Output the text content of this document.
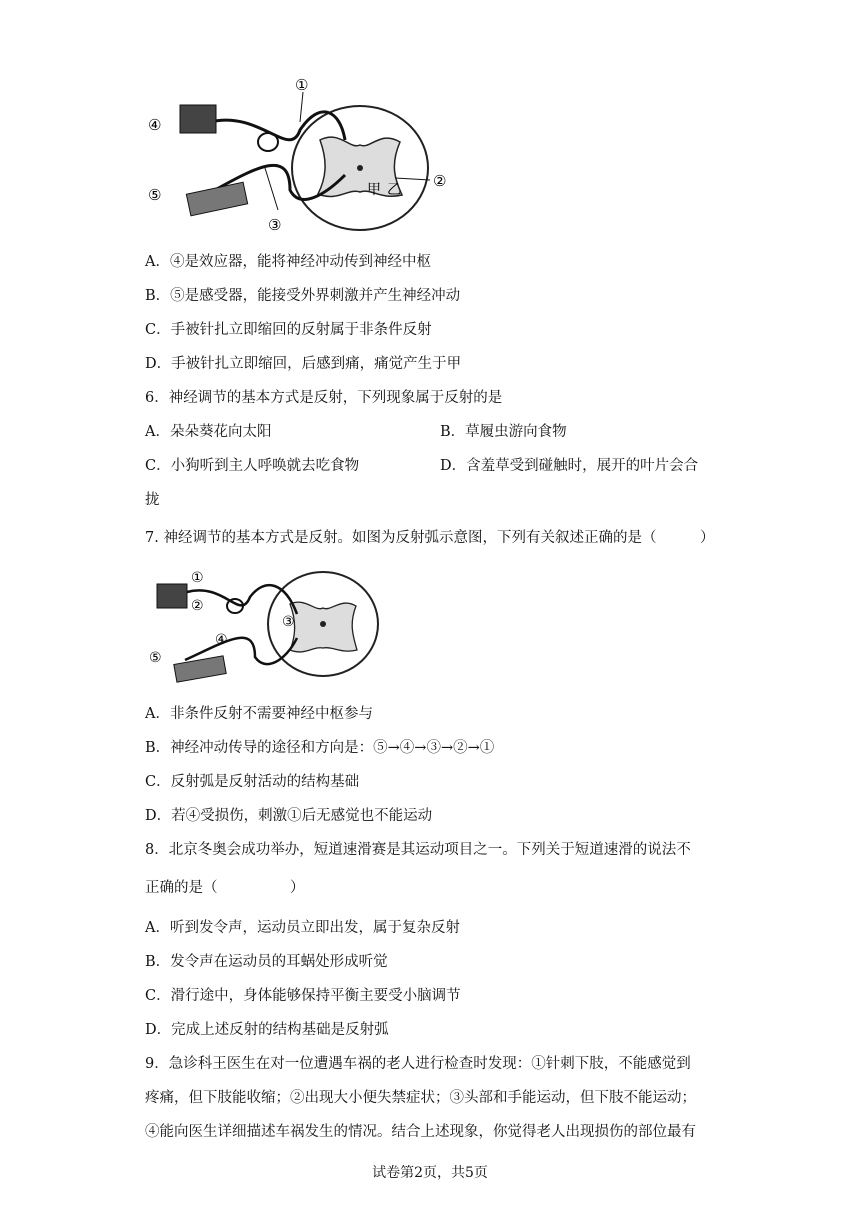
①
②
③
④
⑤	甲 乙
A．④是效应器，能将神经冲动传到神经中枢
B．⑤是感受器，能接受外界刺激并产生神经冲动
C．手被针扎立即缩回的反射属于非条件反射
D．手被针扎立即缩回，后感到痛，痛觉产生于甲
6．神经调节的基本方式是反射，下列现象属于反射的是
A．朵朵葵花向太阳	B．草履虫游向食物
C．小狗听到主人呼唤就去吃食物	D．含羞草受到碰触时，展开的叶片会合
拢
7. 神经调节的基本方式是反射。如图为反射弧示意图，下列有关叙述正确的是（　　　）
①
②
③
④
⑤
A．非条件反射不需要神经中枢参与
B．神经冲动传导的途径和方向是：⑤→④→③→②→①
C．反射弧是反射活动的结构基础
D．若④受损伤，刺激①后无感觉也不能运动
8．北京冬奥会成功举办，短道速滑赛是其运动项目之一。下列关于短道速滑的说法不
正确的是（　　　　　）
A．听到发令声，运动员立即出发，属于复杂反射
B．发令声在运动员的耳蜗处形成听觉
C．滑行途中，身体能够保持平衡主要受小脑调节
D．完成上述反射的结构基础是反射弧
9．急诊科王医生在对一位遭遇车祸的老人进行检查时发现：①针刺下肢，不能感觉到
疼痛，但下肢能收缩；②出现大小便失禁症状；③头部和手能运动，但下肢不能运动；
④能向医生详细描述车祸发生的情况。结合上述现象，你觉得老人出现损伤的部位最有
试卷第2页，共5页
